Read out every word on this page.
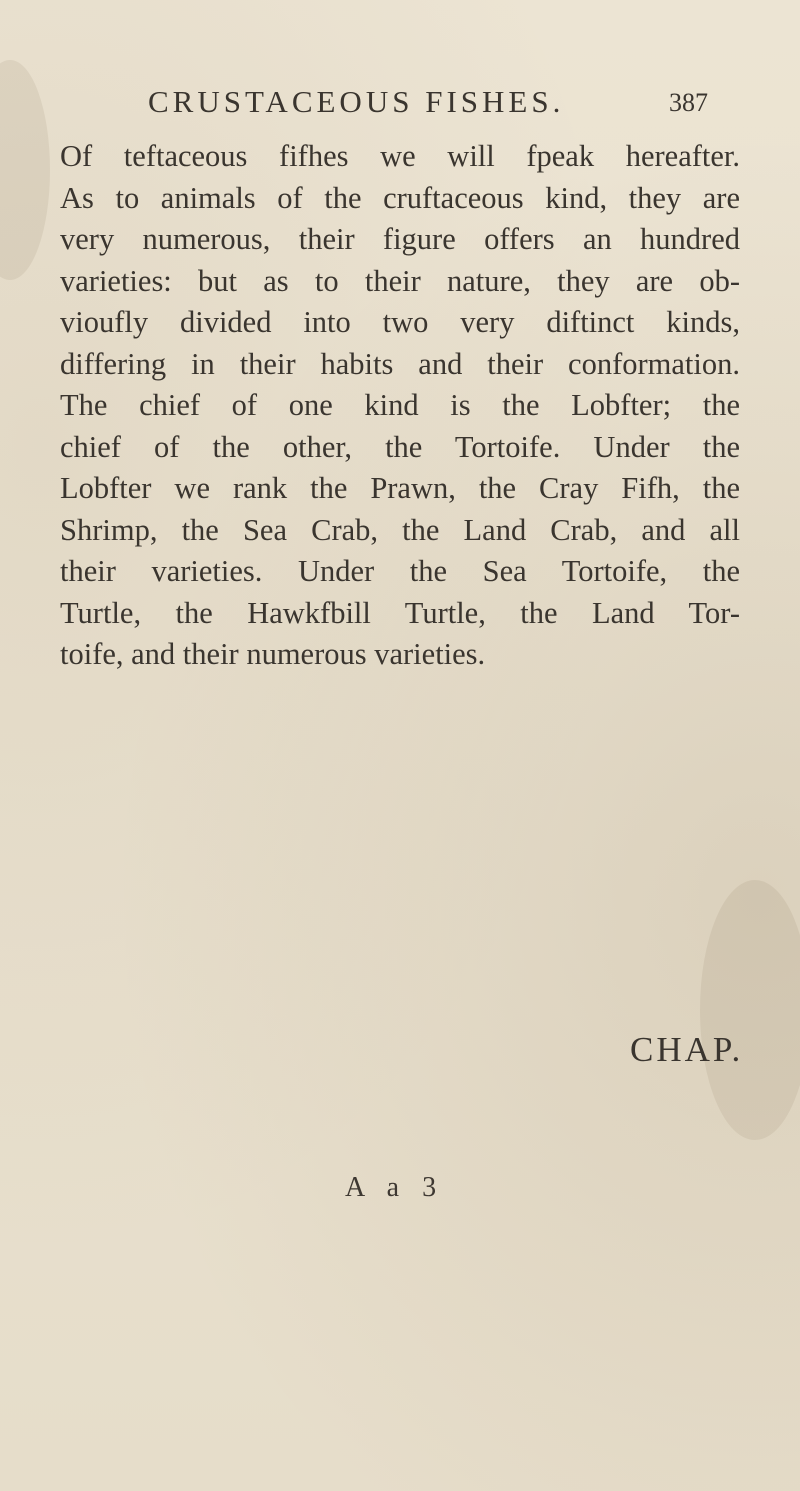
CRUSTACEOUS FISHES.	387
Of teftaceous fifhes we will fpeak hereafter.
As to animals of the cruftaceous kind, they are
very numerous, their figure offers an hundred
varieties: but as to their nature, they are ob-
vioufly divided into two very diftinct kinds,
differing in their habits and their conformation.
The chief of one kind is the Lobfter; the
chief of the other, the Tortoife. Under the
Lobfter we rank the Prawn, the Cray Fifh, the
Shrimp, the Sea Crab, the Land Crab, and all
their varieties. Under the Sea Tortoife, the
Turtle, the Hawkfbill Turtle, the Land Tor-
toife, and their numerous varieties.
CHAP.
A a 3
